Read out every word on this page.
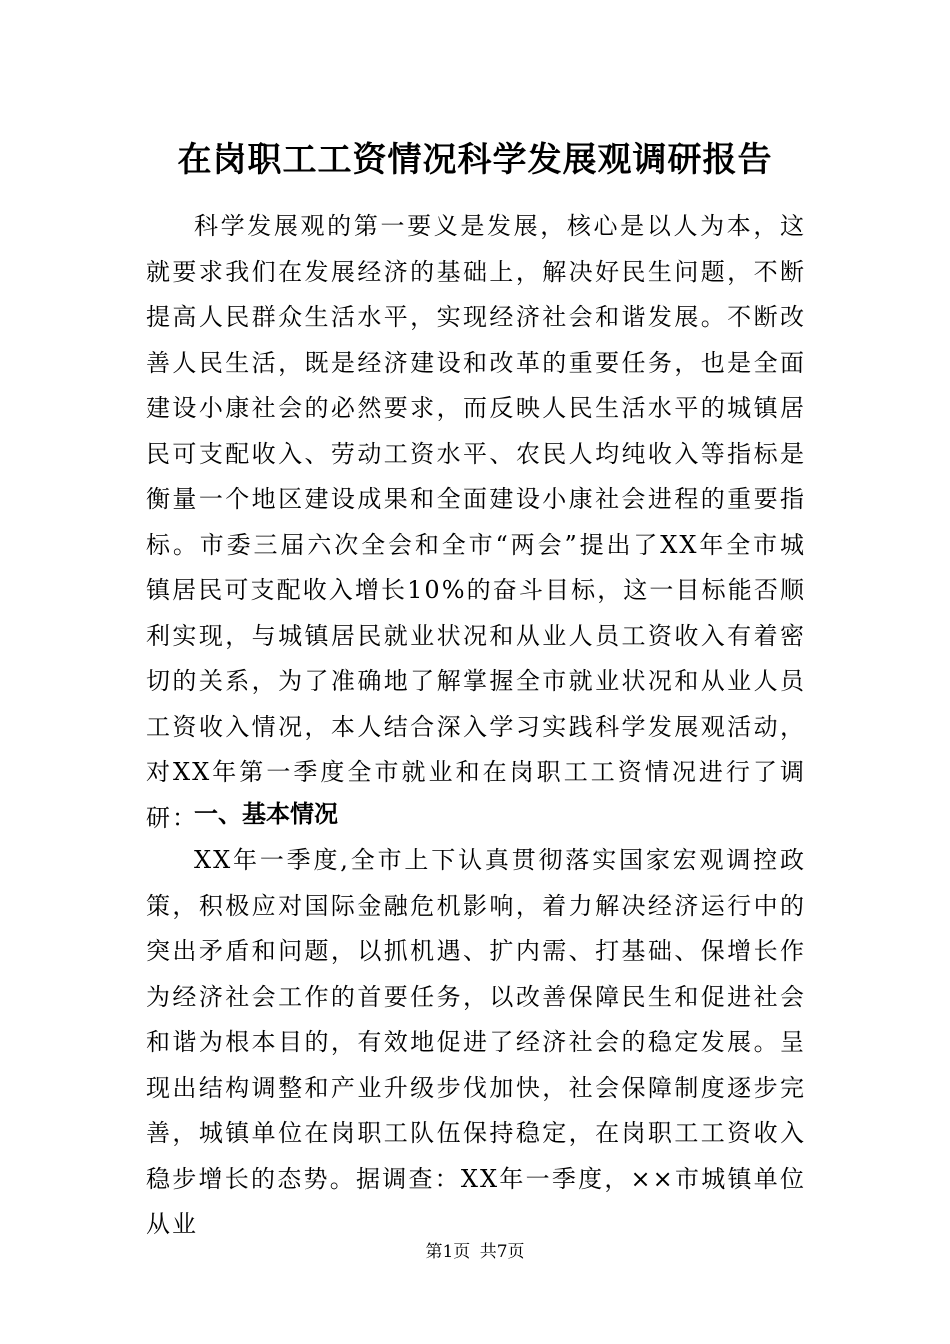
在岗职工工资情况科学发展观调研报告

科学发展观的第一要义是发展，核心是以人为本，这就要求我们在发展经济的基础上，解决好民生问题，不断提高人民群众生活水平，实现经济社会和谐发展。不断改善人民生活，既是经济建设和改革的重要任务，也是全面建设小康社会的必然要求，而反映人民生活水平的城镇居民可支配收入、劳动工资水平、农民人均纯收入等指标是衡量一个地区建设成果和全面建设小康社会进程的重要指标。市委三届六次全会和全市“两会”提出了XX年全市城镇居民可支配收入增长10%的奋斗目标，这一目标能否顺利实现，与城镇居民就业状况和从业人员工资收入有着密切的关系，为了准确地了解掌握全市就业状况和从业人员工资收入情况，本人结合深入学习实践科学发展观活动，对XX年第一季度全市就业和在岗职工工资情况进行了调研：

一、基本情况

XX年一季度,全市上下认真贯彻落实国家宏观调控政策，积极应对国际金融危机影响，着力解决经济运行中的突出矛盾和问题，以抓机遇、扩内需、打基础、保增长作为经济社会工作的首要任务，以改善保障民生和促进社会和谐为根本目的，有效地促进了经济社会的稳定发展。呈现出结构调整和产业升级步伐加快，社会保障制度逐步完善，城镇单位在岗职工队伍保持稳定，在岗职工工资收入稳步增长的态势。据调查：XX年一季度，××市城镇单位从业

第1页 共7页
